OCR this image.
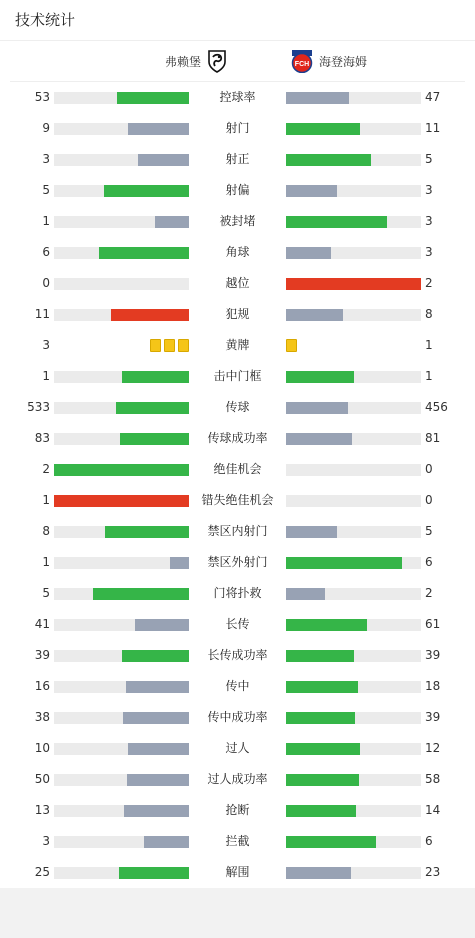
技术统计
弗赖堡	FCH 海登海姆
53	控球率	47
9	射门	11
3	射正	5
5	射偏	3
1	被封堵	3
6	角球	3
0	越位	2
11	犯规	8
3	黄牌	1
1	击中门框	1
533	传球	456
83	传球成功率	81
2	绝佳机会	0
1	错失绝佳机会	0
8	禁区内射门	5
1	禁区外射门	6
5	门将扑救	2
41	长传	61
39	长传成功率	39
16	传中	18
38	传中成功率	39
10	过人	12
50	过人成功率	58
13	抢断	14
3	拦截	6
25	解围	23
